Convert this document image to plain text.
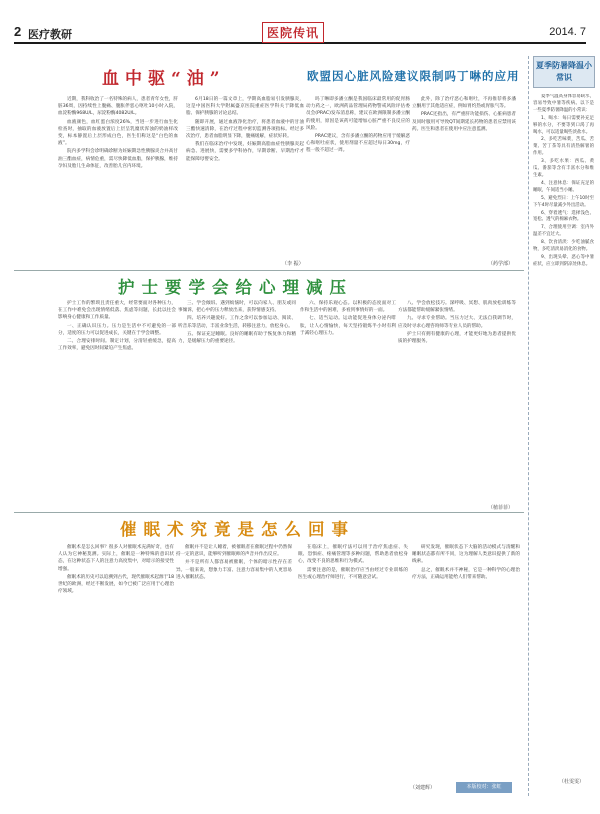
2 医疗教研	医院传讯	2014. 7
血中驱“油”	欧盟因心脏风险建议限制吗丁啉的应用

近期，我科收治了一名特殊的病人，患者青年女性，肝脏36周，因持续性上腹痛、腹胀伴恶心呕吐10小时入院，血淀粉酶968U/L，尿淀粉酶4082U/L。

血液颜色，血红蛋白浓度26%，当进一步进行血生化检查时，抽取的血液放置后上层呈乳糜状浑浊的奶油样改变，标本静置后上层形成白色，医生们称这是“白色的血液”。

院内多学科会诊明确诊断为妊娠期急性胰腺炎合并高甘油三酯血症，病情危重，需尽快降低血脂，保护胰腺，维持孕妇及胎儿生命体征，改善胎儿宫内环境。

6月18日的一篇文章上，学期高血脂易引发胰腺炎，这是中国医科大学附属盛京医院重症医学科关于降低血脂、保护胰腺的讨论总结。

随即开展，通过血液净化治疗，将患者血液中的甘油三酯快速清除，在治疗过程中密切监测各项指标。经过多次治疗，患者血脂明显下降，腹痛缓解，症状好转。

我们在临床治疗中发现，妊娠期高脂血症性胰腺炎起病急、进展快，需要多学科协作，早期诊断、早期治疗才能保障母婴安全。

（李 振）

吗丁啉即多潘立酮是我国临床最常用的促胃肠动力药之一，欧洲药品管理局药物警戒风险评估委员会(PRAC)发布消息称，建议在欧洲限制多潘立酮的使用，原因是该药可能增加心脏严重不良反应的风险。

PRAC建议，含有多潘立酮的药物应用于缓解恶心和呕吐症状，使用剂量不应超过每日30mg，疗程一般不超过一周。

此外，除了治疗恶心和呕吐，不再推荐将多潘立酮用于其他适应症，例如胃灼热或胃胀气等。

PRAC还指出，有严重肝功能损伤、心脏病患者及同时服用可导致QT间期延长药物的患者应禁用该药。医生和患者在使用中应注意监测。

（药学部）
护士要学会给心理减压

护士工作的繁琐且责任重大，经常要面对各种压力，在工作中难免会出现情绪低落、焦虑等问题，长此以往会影响身心健康和工作质量。

一、正确认识压力。压力是生活中不可避免的一部分，适度的压力可以促进成长，关键在于学会调整。

二、合理安排时间。制定计划，分清轻重缓急，提高工作效率，避免因时间紧迫产生焦虑。

三、学会倾诉。遇到烦恼时，可以向家人、朋友或同事倾诉，把心中的压力释放出来，获得情感支持。

四、培养兴趣爱好。工作之余可以参加运动、阅读、听音乐等活动，丰富业余生活，转移注意力，放松身心。

五、保证充足睡眠。良好的睡眠有助于恢复体力和精力，是缓解压力的重要途径。

六、保持乐观心态。以积极的态度面对工作和生活中的困难，多看到事情好的一面。

七、适当运动。运动能促进身体分泌内啡肽，让人心情愉快，每天坚持锻炼半小时有利于减轻心理压力。

八、学会放松技巧。深呼吸、冥想、肌肉放松训练等方法都能帮助缓解紧张情绪。

九、寻求专业帮助。当压力过大、无法自我调节时，应及时寻求心理咨询师等专业人员的帮助。

护士只有拥有健康的心理，才能更好地为患者提供优质的护理服务。

（植菲菲）
催眠术究竟是怎么回事

催眠术是怎么回事？很多人对催眠术充满好奇，也有人认为它神秘莫测。实际上，催眠是一种特殊的意识状态，在这种状态下人的注意力高度集中，对暗示的接受性增强。

催眠术的历史可以追溯到古代，现代催眠术起源于18世纪的欧洲，经过不断发展，如今已被广泛应用于心理治疗领域。

催眠并不是让人睡着，被催眠者在催眠过程中仍然保持一定的意识，能够听到催眠师的声音并作出反应。

并不是所有人都容易被催眠，个体的暗示性存在差异。一般来说，想象力丰富、注意力容易集中的人更容易进入催眠状态。

在临床上，催眠疗法可以用于治疗焦虑症、失眠、恐惧症、疼痛管理等多种问题，帮助患者放松身心，改变不良的思维和行为模式。

需要注意的是，催眠治疗应当由经过专业训练的医生或心理治疗师进行，不可随意尝试。

研究发现，催眠状态下大脑的活动模式与清醒和睡眠状态都有所不同，这为理解人类意识提供了新的线索。

总之，催眠术并不神秘，它是一种科学的心理治疗方法，正确运用能给人们带来帮助。

（刘建辉）	本版校对：张虹
夏季防暑降温小常识

夏季气温高身体容易缺水，容易导致中暑等疾病。以下是一些夏季防暑降温的小常识：

1、喝水：每日需要补充足够的水分，不要等到口渴了再喝水，可以适量喝些淡盐水。

2、多吃苦味菜，苦瓜、苦菜、苦丁茶等具有清热解暑的作用。

3、多吃水果：西瓜、黄瓜、番茄等含有丰富水分和维生素。

4、注意休息：保证充足的睡眠，午间适当小睡。

5、避免烈日：上午10时至下午4时尽量减少外出活动。

6、穿着透气：选择浅色、宽松、透气的棉麻衣物。

7、合理使用空调：室内外温差不宜过大。

8、饮食清淡：少吃油腻食物，多吃清淡易消化的食物。

9、出现头晕、恶心等中暑症状，应立即到阴凉处休息。

（杜雯雯）
